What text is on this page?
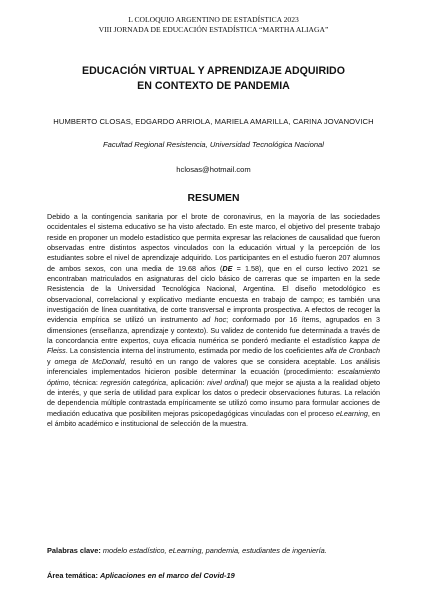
L COLOQUIO ARGENTINO DE ESTADÍSTICA 2023
VIII JORNADA DE EDUCACIÓN ESTADÍSTICA “MARTHA ALIAGA”
EDUCACIÓN VIRTUAL Y APRENDIZAJE ADQUIRIDO
EN CONTEXTO DE PANDEMIA
HUMBERTO CLOSAS, EDGARDO ARRIOLA, MARIELA AMARILLA, CARINA JOVANOVICH
Facultad Regional Resistencia, Universidad Tecnológica Nacional
hclosas@hotmail.com
RESUMEN

Debido a la contingencia sanitaria por el brote de coronavirus, en la mayoría de las sociedades occidentales el sistema educativo se ha visto afectado. En este marco, el objetivo del presente trabajo reside en proponer un modelo estadístico que permita expresar las relaciones de causalidad que fueron observadas entre distintos aspectos vinculados con la educación virtual y la percepción de los estudiantes sobre el nivel de aprendizaje adquirido. Los participantes en el estudio fueron 207 alumnos de ambos sexos, con una media de 19.68 años (DE = 1.58), que en el curso lectivo 2021 se encontraban matriculados en asignaturas del ciclo básico de carreras que se imparten en la sede Resistencia de la Universidad Tecnológica Nacional, Argentina. El diseño metodológico es observacional, correlacional y explicativo mediante encuesta en trabajo de campo; es también una investigación de línea cuantitativa, de corte transversal e impronta prospectiva. A efectos de recoger la evidencia empírica se utilizó un instrumento ad hoc; conformado por 16 ítems, agrupados en 3 dimensiones (enseñanza, aprendizaje y contexto). Su validez de contenido fue determinada a través de la concordancia entre expertos, cuya eficacia numérica se ponderó mediante el estadístico kappa de Fleiss. La consistencia interna del instrumento, estimada por medio de los coeficientes alfa de Cronbach y omega de McDonald, resultó en un rango de valores que se considera aceptable. Los análisis inferenciales implementados hicieron posible determinar la ecuación (procedimiento: escalamiento óptimo, técnica: regresión categórica, aplicación: nivel ordinal) que mejor se ajusta a la realidad objeto de interés, y que sería de utilidad para explicar los datos o predecir observaciones futuras. La relación de dependencia múltiple contrastada empíricamente se utilizó como insumo para formular acciones de mediación educativa que posibiliten mejoras psicopedagógicas vinculadas con el proceso eLearning, en el ámbito académico e institucional de selección de la muestra.

Palabras clave: modelo estadístico, eLearning, pandemia, estudiantes de ingeniería.
Área temática: Aplicaciones en el marco del Covid-19
